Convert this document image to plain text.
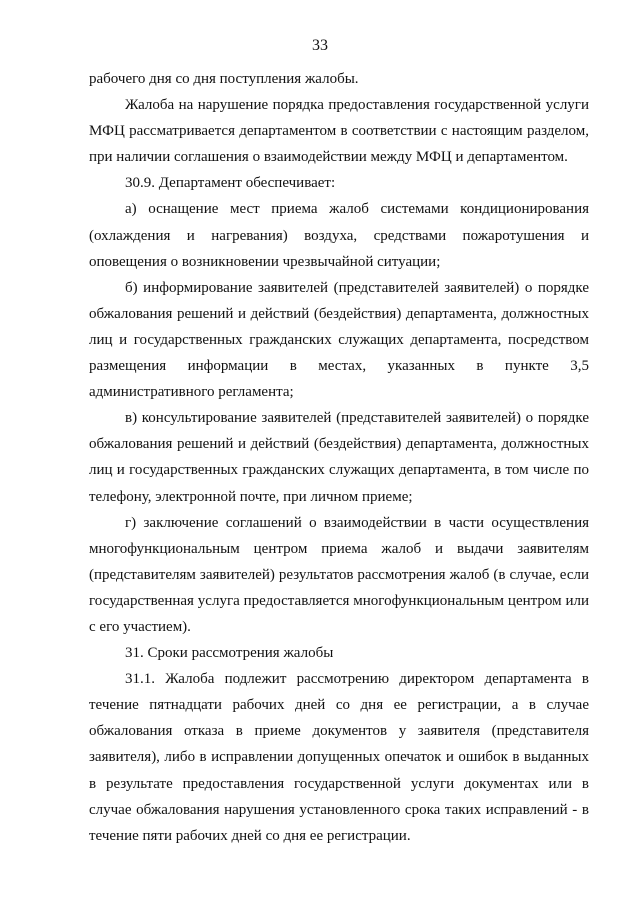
33

рабочего дня со дня поступления жалобы.

Жалоба на нарушение порядка предоставления государственной услуги МФЦ рассматривается департаментом в соответствии с настоящим разделом, при наличии соглашения о взаимодействии между МФЦ и департаментом.

30.9. Департамент обеспечивает:

а) оснащение мест приема жалоб системами кондиционирования (охлаждения и нагревания) воздуха, средствами пожаротушения и оповещения о возникновении чрезвычайной ситуации;

б) информирование заявителей (представителей заявителей) о порядке обжалования решений и действий (бездействия) департамента, должностных лиц и государственных гражданских служащих департамента, посредством размещения информации в местах, указанных в пункте 3,5 административного регламента;

в) консультирование заявителей (представителей заявителей) о порядке обжалования решений и действий (бездействия) департамента, должностных лиц и государственных гражданских служащих департамента, в том числе по телефону, электронной почте, при личном приеме;

г) заключение соглашений о взаимодействии в части осуществления многофункциональным центром приема жалоб и выдачи заявителям (представителям заявителей) результатов рассмотрения жалоб (в случае, если государственная услуга предоставляется многофункциональным центром или с его участием).

31. Сроки рассмотрения жалобы

31.1. Жалоба подлежит рассмотрению директором департамента в течение пятнадцати рабочих дней со дня ее регистрации, а в случае обжалования отказа в приеме документов у заявителя (представителя заявителя), либо в исправлении допущенных опечаток и ошибок в выданных в результате предоставления государственной услуги документах или в случае обжалования нарушения установленного срока таких исправлений - в течение пяти рабочих дней со дня ее регистрации.
